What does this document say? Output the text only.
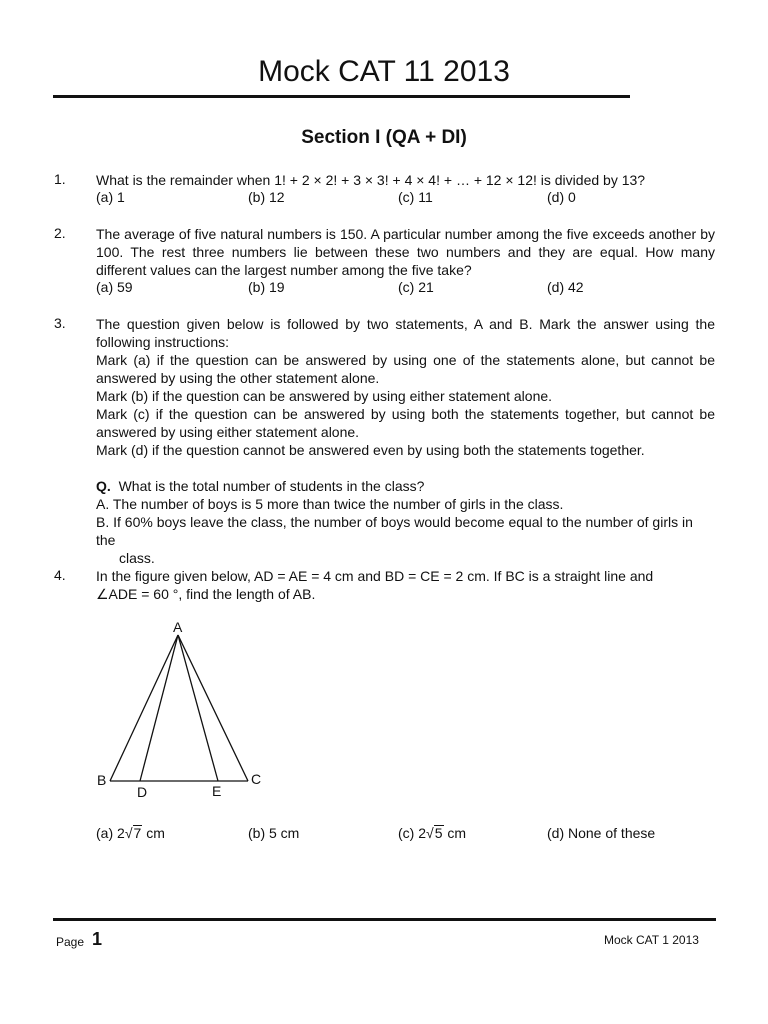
Mock CAT 11 2013
Section I (QA + DI)
1. What is the remainder when 1! + 2 × 2! + 3 × 3! + 4 × 4! + … + 12 × 12! is divided by 13?
(a) 1	(b) 12	(c) 11	(d) 0
2. The average of five natural numbers is 150. A particular number among the five exceeds another by 100. The rest three numbers lie between these two numbers and they are equal. How many different values can the largest number among the five take?
(a) 59	(b) 19	(c) 21	(d) 42
3. The question given below is followed by two statements, A and B. Mark the answer using the following instructions:
Mark (a) if the question can be answered by using one of the statements alone, but cannot be answered by using the other statement alone.
Mark (b) if the question can be answered by using either statement alone.
Mark (c) if the question can be answered by using both the statements together, but cannot be answered by using either statement alone.
Mark (d) if the question cannot be answered even by using both the statements together.
Q. What is the total number of students in the class?
A. The number of boys is 5 more than twice the number of girls in the class.
B. If 60% boys leave the class, the number of boys would become equal to the number of girls in the
class.
4. In the figure given below, AD = AE = 4 cm and BD = CE = 2 cm. If BC is a straight line and
∠ADE = 60 °, find the length of AB.
A
B	C
D	E
(a) 2√7 cm	(b) 5 cm	(c) 2√5 cm	(d) None of these
Page 1	Mock CAT 1 2013
